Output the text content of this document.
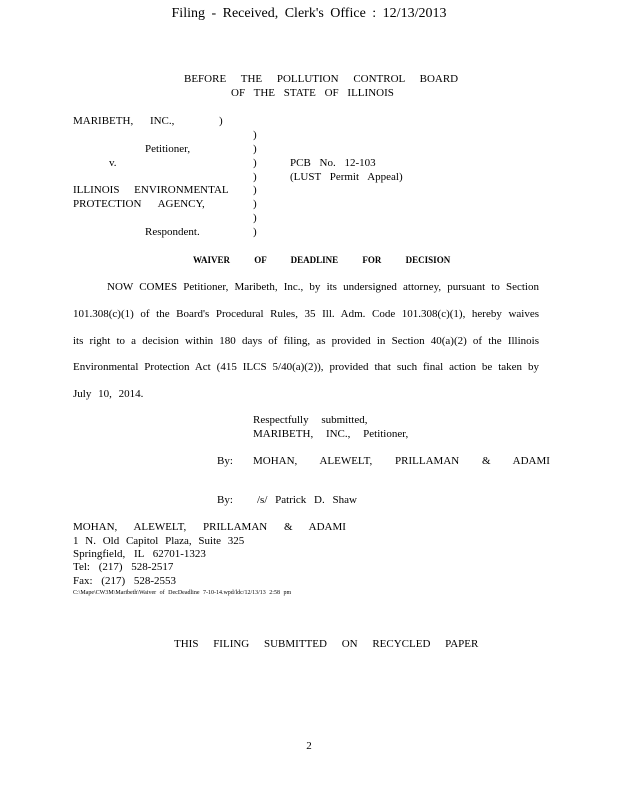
Filing - Received, Clerk's Office : 12/13/2013
BEFORE THE POLLUTION CONTROL BOARD
OF THE STATE OF ILLINOIS
MARIBETH, INC.,	)
Petitioner,
v.
ILLINOIS ENVIRONMENTAL
PROTECTION AGENCY,
Respondent.
)
)
)
)
)
)
)
)
PCB No. 12-103
(LUST Permit Appeal)
WAIVER OF DEADLINE FOR DECISION
NOW COMES Petitioner, Maribeth, Inc., by its undersigned attorney, pursuant to Section
101.308(c)(1) of the Board's Procedural Rules, 35 Ill. Adm. Code 101.308(c)(1), hereby waives
its right to a decision within 180 days of filing, as provided in Section 40(a)(2) of the Illinois
Environmental Protection Act (415 ILCS 5/40(a)(2)), provided that such final action be taken by
July 10, 2014.
Respectfully submitted,
MARIBETH, INC., Petitioner,
By: MOHAN, ALEWELT, PRILLAMAN & ADAMI
By: /s/ Patrick D. Shaw
MOHAN, ALEWELT, PRILLAMAN & ADAMI
1 N. Old Capitol Plaza, Suite 325
Springfield, IL 62701-1323
Tel: (217) 528-2517
Fax: (217) 528-2553
C:\Mape\CW3M\Maribeth\Waiver of DecDeadline 7-10-14.wpd/ldc/12/13/13 2:58 pm
THIS FILING SUBMITTED ON RECYCLED PAPER
2
